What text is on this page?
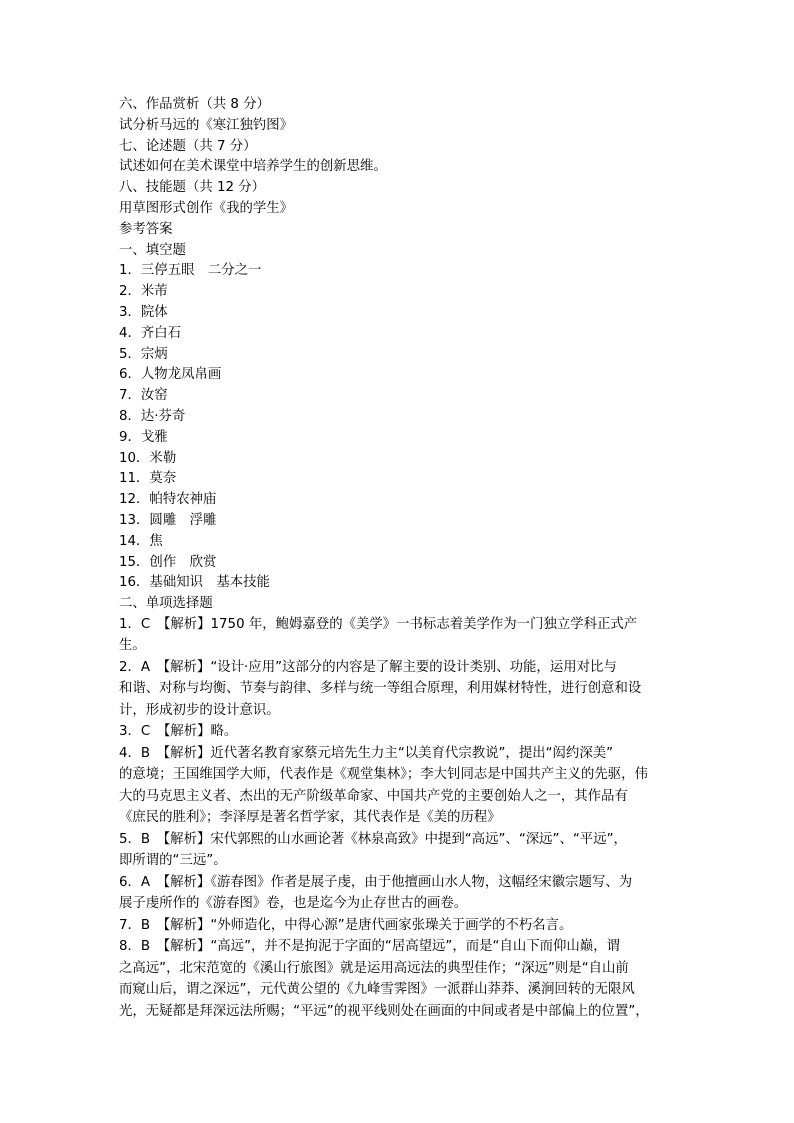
六、作品赏析（共 8 分）
试分析马远的《寒江独钓图》
七、论述题（共 7 分）
试述如何在美术课堂中培养学生的创新思维。
八、技能题（共 12 分）
用草图形式创作《我的学生》
参考答案
一、填空题
1．三停五眼　二分之一
2．米芾
3．院体
4．齐白石
5．宗炳
6．人物龙凤帛画
7．汝窑
8．达·芬奇
9．戈雅
10．米勒
11．莫奈
12．帕特农神庙
13．圆雕　浮雕
14．焦
15．创作　欣赏
16．基础知识　基本技能
二、单项选择题
1．C　【解析】1750 年，鲍姆嘉登的《美学》一书标志着美学作为一门独立学科正式产
生。
2．A　【解析】“设计·应用”这部分的内容是了解主要的设计类别、功能，运用对比与
和谐、对称与均衡、节奏与韵律、多样与统一等组合原理，利用媒材特性，进行创意和设
计，形成初步的设计意识。
3．C　【解析】略。
4．B　【解析】近代著名教育家蔡元培先生力主“以美育代宗教说”，提出“闳约深美”
的意境；王国维国学大师，代表作是《观堂集林》；李大钊同志是中国共产主义的先驱，伟
大的马克思主义者、杰出的无产阶级革命家、中国共产党的主要创始人之一，其作品有
《庶民的胜利》；李泽厚是著名哲学家，其代表作是《美的历程》
5．B　【解析】宋代郭熙的山水画论著《林泉高致》中提到“高远”、“深远”、“平远”，
即所谓的“三远”。
6．A　【解析】《游春图》作者是展子虔，由于他擅画山水人物，这幅经宋徽宗题写、为
展子虔所作的《游春图》卷，也是迄今为止存世古的画卷。
7．B　【解析】“外师造化，中得心源”是唐代画家张璪关于画学的不朽名言。
8．B　【解析】“高远”，并不是拘泥于字面的“居高望远”，而是“自山下而仰山巅，谓
之高远”，北宋范宽的《溪山行旅图》就是运用高远法的典型佳作；“深远”则是“自山前
而窥山后，谓之深远”，元代黄公望的《九峰雪霁图》一派群山莽莽、溪涧回转的无限风
光，无疑都是拜深远法所赐；“平远”的视平线则处在画面的中间或者是中部偏上的位置”，
